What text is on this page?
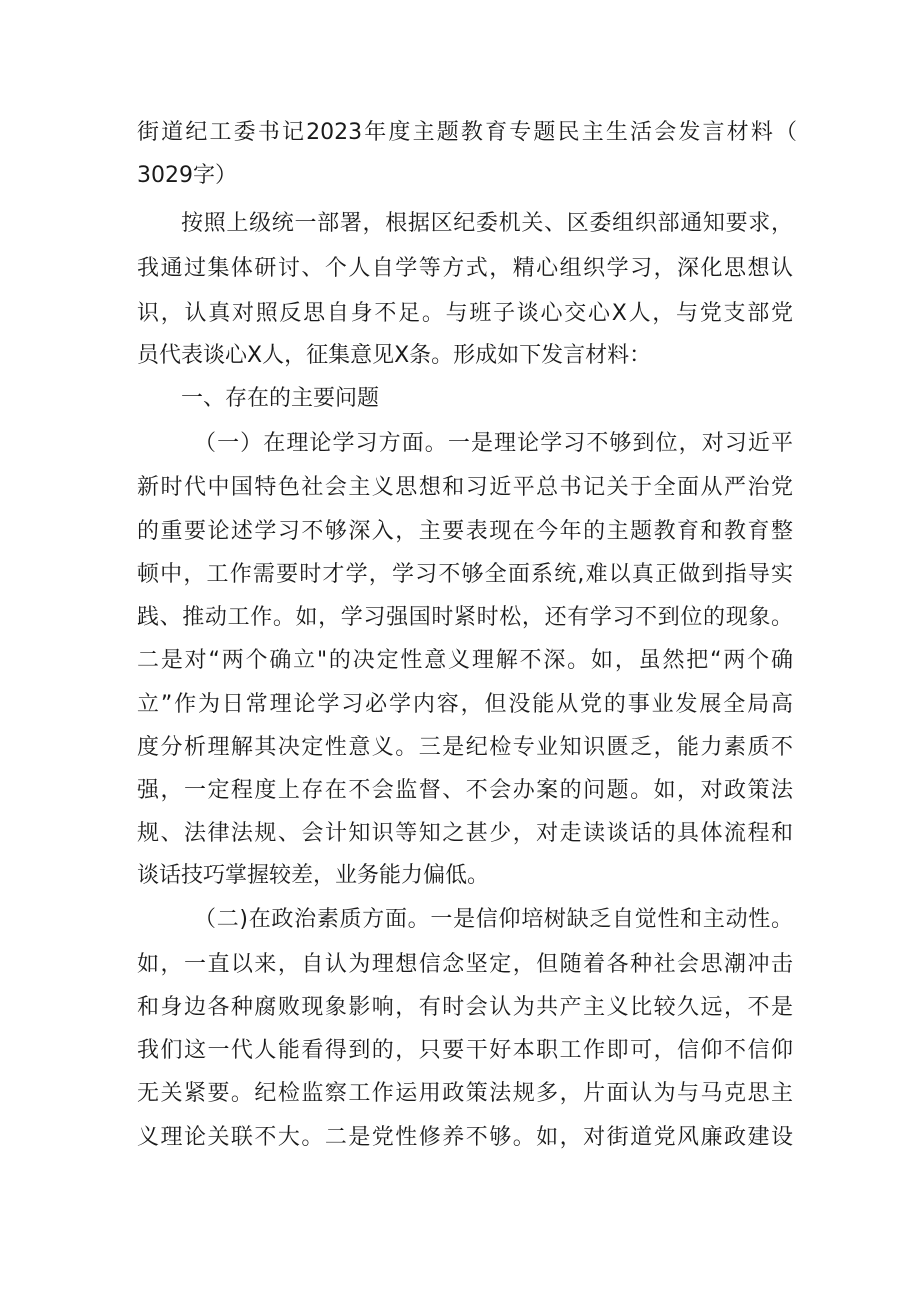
街道纪工委书记2023年度主题教育专题民主生活会发言材料（
3029字）
按照上级统一部署，根据区纪委机关、区委组织部通知要求，
我通过集体研讨、个人自学等方式，精心组织学习，深化思想认
识，认真对照反思自身不足。与班子谈心交心X人，与党支部党
员代表谈心X人，征集意见X条。形成如下发言材料：
一、存在的主要问题
（一）在理论学习方面。一是理论学习不够到位，对习近平
新时代中国特色社会主义思想和习近平总书记关于全面从严治党
的重要论述学习不够深入，主要表现在今年的主题教育和教育整
顿中，工作需要时才学，学习不够全面系统,难以真正做到指导实
践、推动工作。如，学习强国时紧时松，还有学习不到位的现象。
二是对“两个确立"的决定性意义理解不深。如，虽然把“两个确
立”作为日常理论学习必学内容，但没能从党的事业发展全局高
度分析理解其决定性意义。三是纪检专业知识匮乏，能力素质不
强，一定程度上存在不会监督、不会办案的问题。如，对政策法
规、法律法规、会计知识等知之甚少，对走读谈话的具体流程和
谈话技巧掌握较差，业务能力偏低。
（二)在政治素质方面。一是信仰培树缺乏自觉性和主动性。
如，一直以来，自认为理想信念坚定，但随着各种社会思潮冲击
和身边各种腐败现象影响，有时会认为共产主义比较久远，不是
我们这一代人能看得到的，只要干好本职工作即可，信仰不信仰
无关紧要。纪检监察工作运用政策法规多，片面认为与马克思主
义理论关联不大。二是党性修养不够。如，对街道党风廉政建设
